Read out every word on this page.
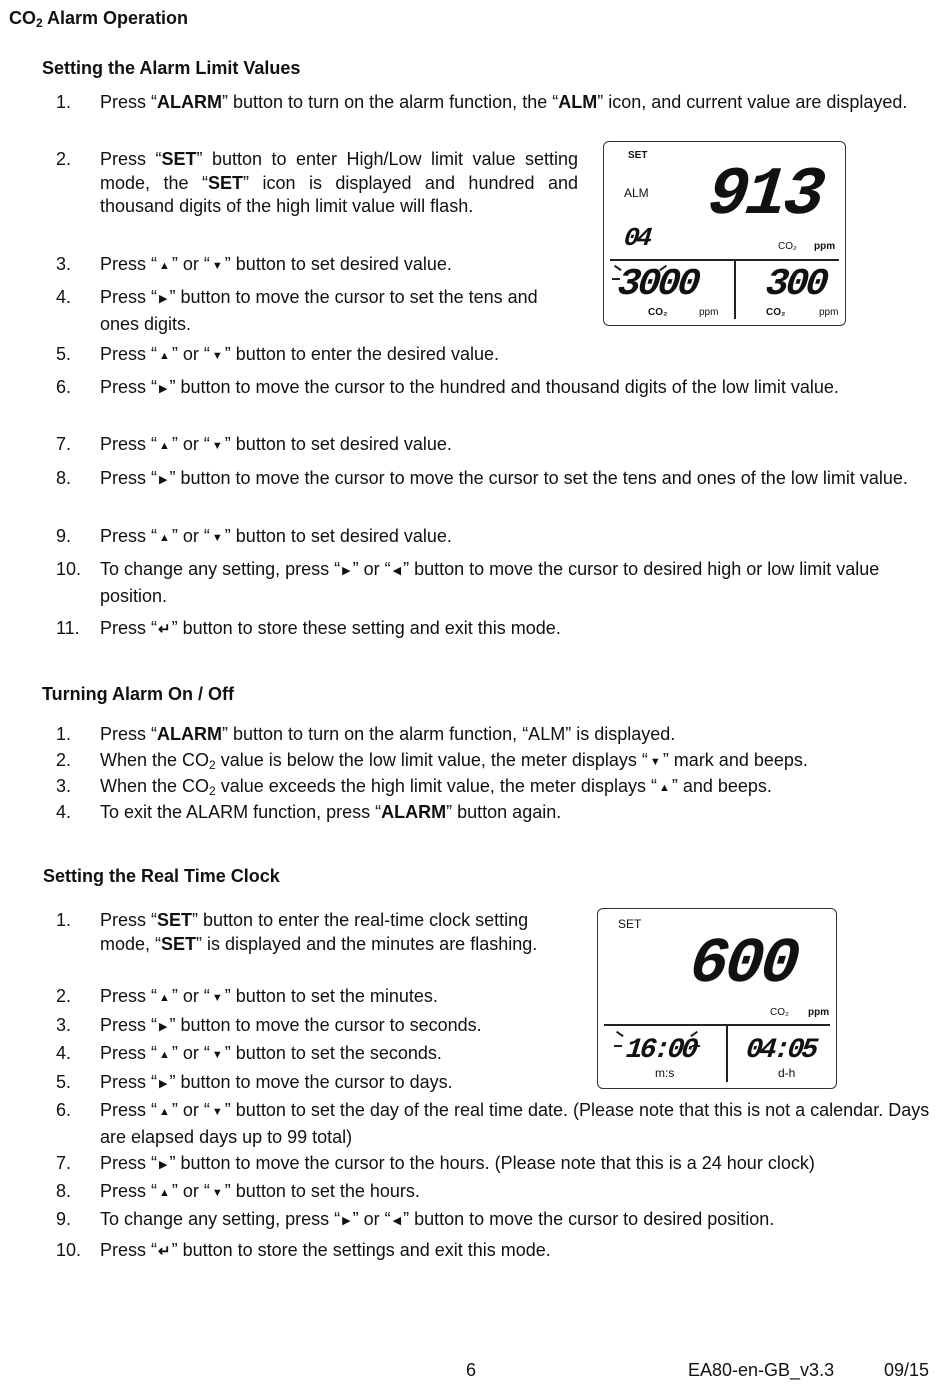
$CO_2$ Alarm Operation
Setting the Alarm Limit Values
1. Press “ALARM” button to turn on the alarm function, the “ALM” icon, and current value are displayed.
2. Press “SET” button to enter High/Low limit value setting mode, the “SET” icon is displayed and hundred and thousand digits of the high limit value will flash.
3. Press “ ▲ ” or “ ▼ ” button to set desired value.
4. Press “ ▶ ” button to move the cursor to set the tens and ones digits.
5. Press “ ▲ ” or “ ▼ ” button to enter the desired value.
6. Press “ ▶ ” button to move the cursor to the hundred and thousand digits of the low limit value.
7. Press “ ▲ ” or “ ▼ ” button to set desired value.
8. Press “ ▶ ” button to move the cursor to move the cursor to set the tens and ones of the low limit value.
9. Press “ ▲ ” or “ ▼ ” button to set desired value.
10. To change any setting, press “ ▶ ” or “ ◀ ” button to move the cursor to desired high or low limit value position.
11. Press “↵” button to store these setting and exit this mode.
Turning Alarm On / Off
1. Press “ALARM” button to turn on the alarm function, “ALM” is displayed.
2. When the $CO_2$ value is below the low limit value, the meter displays “ ▼ ” mark and beeps.
3. When the $CO_2$ value exceeds the high limit value, the meter displays “ ▲ ” and beeps.
4. To exit the ALARM function, press “ALARM” button again.
Setting the Real Time Clock
1. Press “SET” button to enter the real-time clock setting mode, “SET” is displayed and the minutes are flashing.
2. Press “ ▲ ” or “ ▼ ” button to set the minutes.
3. Press “ ▶ ” button to move the cursor to seconds.
4. Press “ ▲ ” or “ ▼ ” button to set the seconds.
5. Press “ ▶ ” button to move the cursor to days.
6. Press “ ▲ ” or “ ▼ ” button to set the day of the real time date. (Please note that this is not a calendar. Days are elapsed days up to 99 total)
7. Press “ ▶ ” button to move the cursor to the hours. (Please note that this is a 24 hour clock)
8. Press “ ▲ ” or “ ▼ ” button to set the hours.
9. To change any setting, press “ ▶ ” or “ ◀ ” button to move the cursor to desired position.
10. Press “↵” button to store the settings and exit this mode.
SET
ALM 913
04	CO₂ ppm
3000 300
CO₂	ppm	CO₂	ppm
SET
600
CO₂ ppm
16:00 04:05
m:s	d-h
6	EA80-en-GB_v3.3	09/15
